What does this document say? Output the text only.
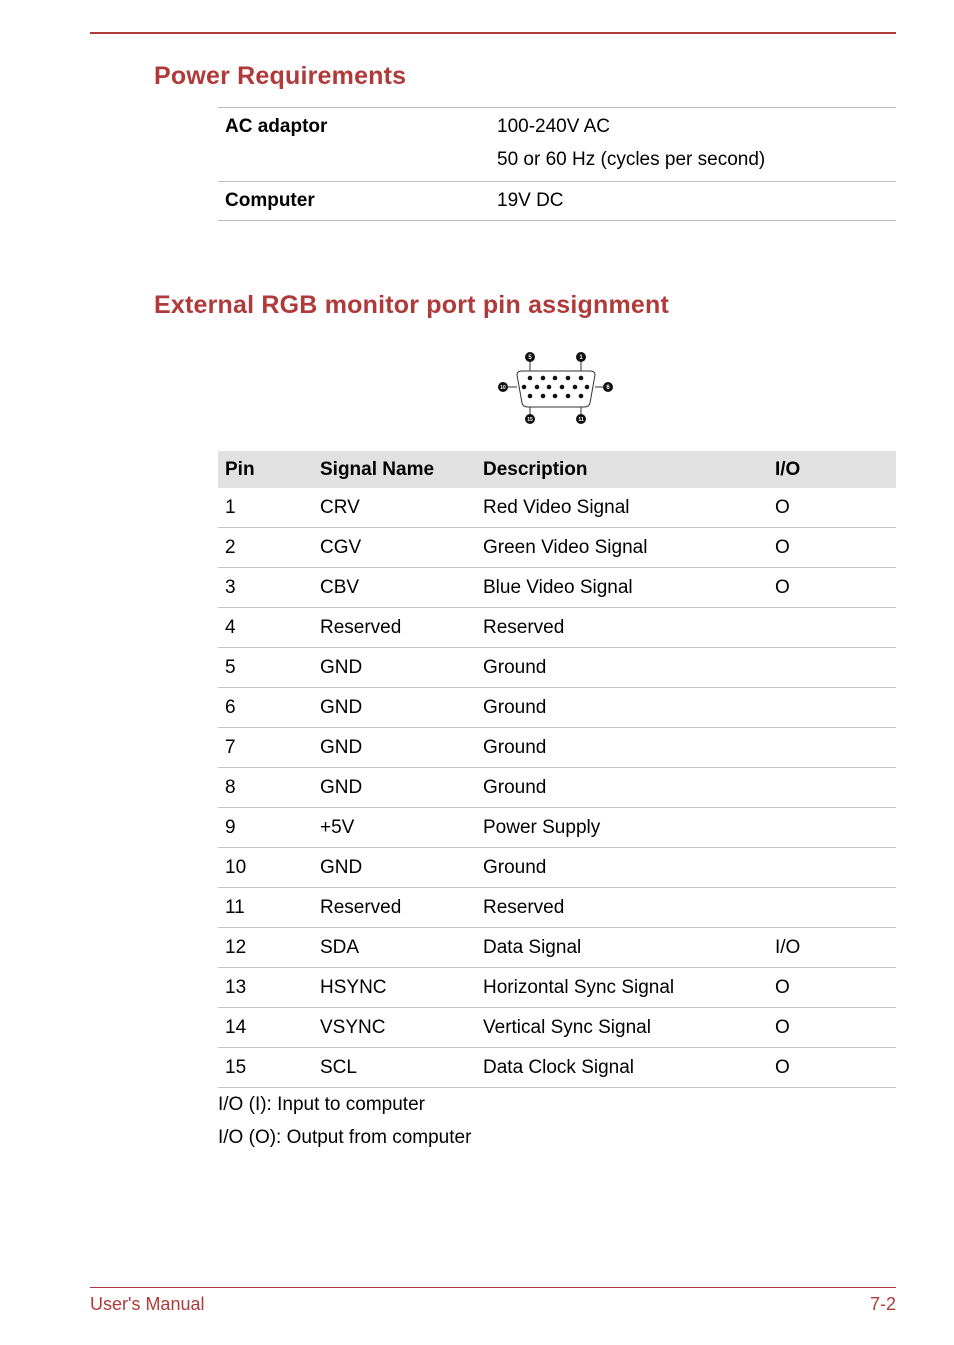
Power Requirements
AC adaptor	100-240V AC
50 or 60 Hz (cycles per second)

Computer	19V DC
External RGB monitor port pin assignment
5	1
10	6
15	11
Pin	Signal Name	Description	I/O
1	CRV	Red Video Signal	O
2	CGV	Green Video Signal	O
3	CBV	Blue Video Signal	O
4	Reserved	Reserved	
5	GND	Ground	
6	GND	Ground	
7	GND	Ground	
8	GND	Ground	
9	+5V	Power Supply	
10	GND	Ground	
11	Reserved	Reserved	
12	SDA	Data Signal	I/O
13	HSYNC	Horizontal Sync Signal	O
14	VSYNC	Vertical Sync Signal	O
15	SCL	Data Clock Signal	O
I/O (I): Input to computer
I/O (O): Output from computer
User's Manual	7-2
